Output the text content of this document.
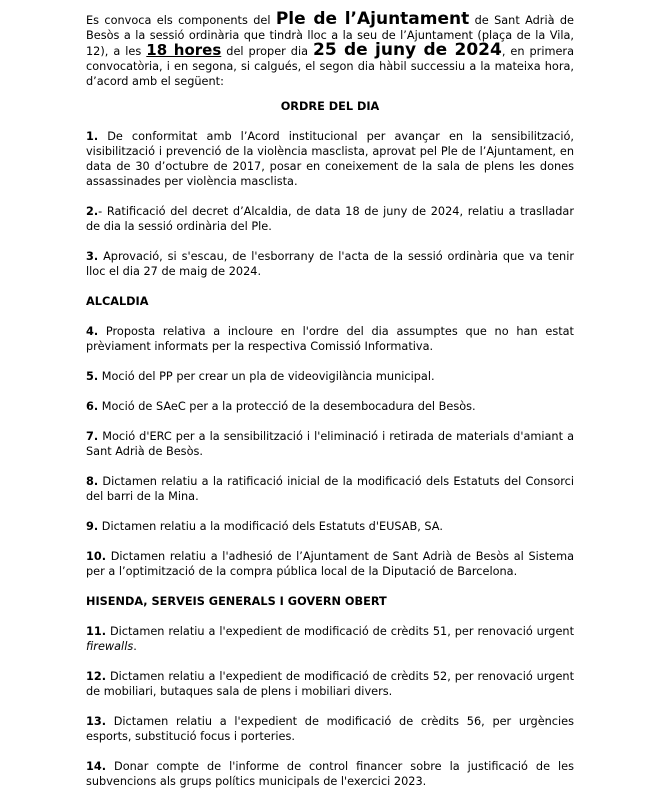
Es convoca els components del Ple de l’Ajuntament de Sant Adrià de Besòs a la sessió ordinària que tindrà lloc a la seu de l’Ajuntament (plaça de la Vila, 12), a les 18 hores del proper dia 25 de juny de 2024, en primera convocatòria, i en segona, si calgués, el segon dia hàbil successiu a la mateixa hora, d’acord amb el següent:

ORDRE DEL DIA

1. De conformitat amb l’Acord institucional per avançar en la sensibilització, visibilització i prevenció de la violència masclista, aprovat pel Ple de l’Ajuntament, en data de 30 d’octubre de 2017, posar en coneixement de la sala de plens les dones assassinades per violència masclista.

2.- Ratificació del decret d’Alcaldia, de data 18 de juny de 2024, relatiu a traslladar de dia la sessió ordinària del Ple.

3. Aprovació, si s'escau, de l'esborrany de l'acta de la sessió ordinària que va tenir lloc el dia 27 de maig de 2024.

ALCALDIA

4. Proposta relativa a incloure en l'ordre del dia assumptes que no han estat prèviament informats per la respectiva Comissió Informativa.

5. Moció del PP per crear un pla de videovigilància municipal.

6. Moció de SAeC per a la protecció de la desembocadura del Besòs.

7. Moció d'ERC per a la sensibilització i l'eliminació i retirada de materials d'amiant a Sant Adrià de Besòs.

8. Dictamen relatiu a la ratificació inicial de la modificació dels Estatuts del Consorci del barri de la Mina.

9. Dictamen relatiu a la modificació dels Estatuts d'EUSAB, SA.

10. Dictamen relatiu a l'adhesió de l’Ajuntament de Sant Adrià de Besòs al Sistema per a l’optimització de la compra pública local de la Diputació de Barcelona.

HISENDA, SERVEIS GENERALS I GOVERN OBERT

11. Dictamen relatiu a l'expedient de modificació de crèdits 51, per renovació urgent firewalls.

12. Dictamen relatiu a l'expedient de modificació de crèdits 52, per renovació urgent de mobiliari, butaques sala de plens i mobiliari divers.

13. Dictamen relatiu a l'expedient de modificació de crèdits 56, per urgències esports, substitució focus i porteries.

14. Donar compte de l'informe de control financer sobre la justificació de les subvencions als grups polítics municipals de l'exercici 2023.
